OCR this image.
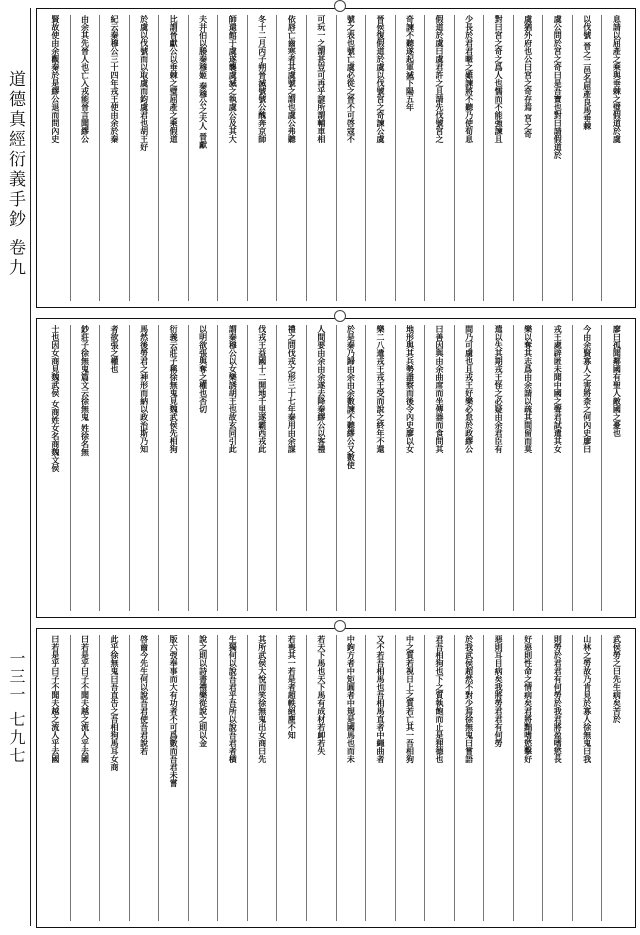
道德真經衍義手鈔 卷九
一三一 七九七
息請以屈產之乘與垂棘之璧假道於虞
以伐號 晉之二邑名屈產良馬垂棘
虞公問於宮之奇曰是吾寶也對曰請假道於
虞猶外府也公曰宮之奇存焉 宮之奇
對曰宮之奇之爲人也懦而不能強諫且
少長於君君暱之雖諫將不聽乃使荀息
假道於虞曰虞君許之且請先伐號宮之
奇諫不聽遂起軍滅下陽五年
晉侯復假道於虞以伐號宮之奇諫公虞
號之表也號亡虞必從之晉不可啓寇不
可玩一之謂甚豈可再乎諺所謂輔車相
依唇亡齒寒者其虞號之謂也虞公弗聽
冬十二月丙子朔晉滅號號公醜奔京師
師還館于虞遂襲虞滅之執虞公及其大
夫井伯以媵秦穆姬 秦穆公之夫人 晉獻
比謂晉獻公以垂棘之璧屈產之乘假道
於虞以伐號而以取虞而鈞虞君也胡王好
紀云秦穆公三十四年戎王使由余於秦
由余其先晉人也亡入戎能晉言聞繆公
賢故使由余觀秦於是繆公退而問內史
廖曰孤聞鄰國有聖人敵國之憂也
今由余賢寡人之害將柰之何內史廖曰
戎王處辟匿未聞中國之聲君試遺其女
樂以奪其志爲由余請以疏其間留而莫
遣以失其期戎王怪之必疑由余君臣有
間乃可虜也且戎王好樂必怠於政繆公
曰善因與由余曲席而坐傳器而食問其
地形與其兵勢盡察而後令內史廖以女
樂二八遺戎王戎王受而說之終年不還
於是秦乃歸由余由余數諫不聽繆公又數使
人間要由余由余遂去降秦繆公以客禮
禮之問伐戎之形三十七年秦用由余謀
伐戎王益國十二開地千里遂霸西戎此
謂秦穆公以女樂誘胡王也故玄同引此
以明欲張與奪之權也否切
衍義云莊子稱徐無鬼見魏武侯先相狗
馬然後勞君之神形而納以政治斯乃知
者欲張之權也
鈔莊子徐無鬼篇文云徐無鬼 姓徐名無
士也因女商見魏武侯 女商姓女名商魏文侯
武侯勞之曰先生病矣苦於
山林之勞故乃肯見於寡人徐無鬼曰我
則勞於君君有何勞於我君將盈嗜慾長
好惡則性命之情病矣君將黜嗜慾擊好
惡則耳目病矣我將勞君君有何勞
於我武侯超然不對少焉徐無鬼曰嘗語
君吾相狗也下之質執飽而止是狸德也
中之質若視日上之質若亡其一吾相狗
又不若吾相馬也吾相馬直者中繩曲者
中鉤方者中矩圓者中規是國馬也而未
若天下馬也天下馬有成材若卹若失
若喪其一若是者超軼絕塵不知
其所武侯大悅而笑徐無鬼出女商曰先
生獨何以說吾君乎吾所以說吾君者橫
說之則以詩書禮樂從說之則以金
版六弢奉事而大有功者不可爲數而吾君未嘗
啓齒今先生何以說吾君使吾君說若
此乎徐無鬼曰吾直告之吾相狗馬耳女商
曰若是乎曰子不聞夫越之流人乎去國
曰若是乎曰子不聞夫越之流人乎去國
